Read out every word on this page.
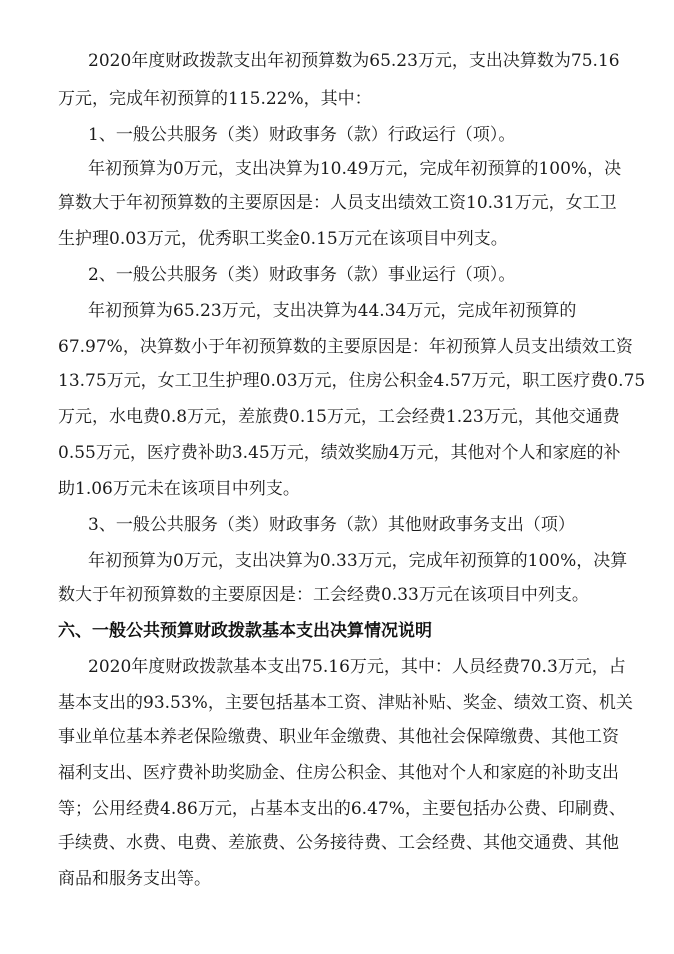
2020年度财政拨款支出年初预算数为65.23万元，支出决算数为75.16
万元，完成年初预算的115.22%，其中：
1、一般公共服务（类）财政事务（款）行政运行（项）。
年初预算为0万元，支出决算为10.49万元，完成年初预算的100%，决
算数大于年初预算数的主要原因是：人员支出绩效工资10.31万元，女工卫
生护理0.03万元，优秀职工奖金0.15万元在该项目中列支。
2、一般公共服务（类）财政事务（款）事业运行（项）。
年初预算为65.23万元，支出决算为44.34万元，完成年初预算的
67.97%，决算数小于年初预算数的主要原因是：年初预算人员支出绩效工资
13.75万元，女工卫生护理0.03万元，住房公积金4.57万元，职工医疗费0.75
万元，水电费0.8万元，差旅费0.15万元，工会经费1.23万元，其他交通费
0.55万元，医疗费补助3.45万元，绩效奖励4万元，其他对个人和家庭的补
助1.06万元未在该项目中列支。
3、一般公共服务（类）财政事务（款）其他财政事务支出（项）
年初预算为0万元，支出决算为0.33万元，完成年初预算的100%，决算
数大于年初预算数的主要原因是：工会经费0.33万元在该项目中列支。
六、一般公共预算财政拨款基本支出决算情况说明
2020年度财政拨款基本支出75.16万元，其中：人员经费70.3万元，占
基本支出的93.53%，主要包括基本工资、津贴补贴、奖金、绩效工资、机关
事业单位基本养老保险缴费、职业年金缴费、其他社会保障缴费、其他工资
福利支出、医疗费补助奖励金、住房公积金、其他对个人和家庭的补助支出
等；公用经费4.86万元，占基本支出的6.47%，主要包括办公费、印刷费、
手续费、水费、电费、差旅费、公务接待费、工会经费、其他交通费、其他
商品和服务支出等。
